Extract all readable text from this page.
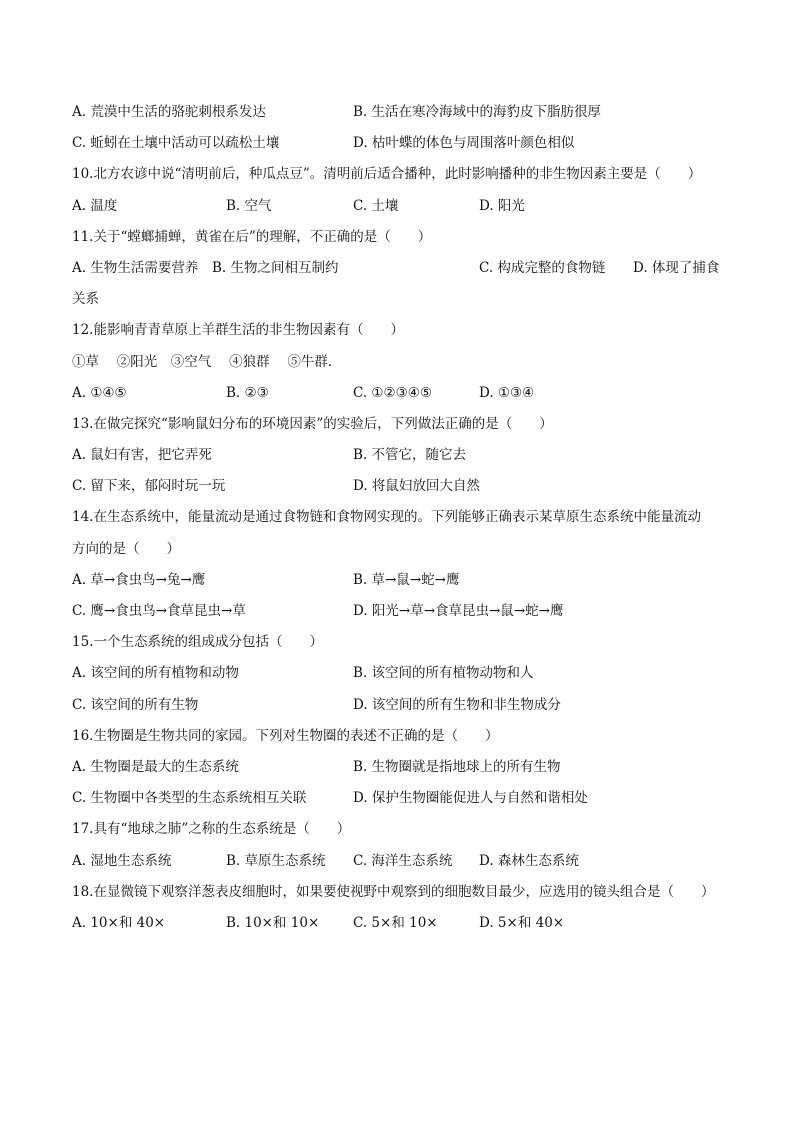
A. 荒漠中生活的骆驼刺根系发达	B. 生活在寒冷海域中的海豹皮下脂肪很厚
C. 蚯蚓在土壤中活动可以疏松土壤	D. 枯叶蝶的体色与周围落叶颜色相似
10.北方农谚中说“清明前后，种瓜点豆”。清明前后适合播种，此时影响播种的非生物因素主要是（　　）
A. 温度	B. 空气	C. 土壤	D. 阳光
11.关于“螳螂捕蝉，黄雀在后”的理解，不正确的是（　　）
A. 生物生活需要营养 B. 生物之间相互制约	C. 构成完整的食物链 D. 体现了捕食
关系
12.能影响青青草原上羊群生活的非生物因素有（　　）
①草　 ②阳光　③空气　 ④狼群　 ⑤牛群．
A. ①④⑤	B. ②③	C. ①②③④⑤	D. ①③④
13.在做完探究“影响鼠妇分布的环境因素”的实验后，下列做法正确的是（　　）
A. 鼠妇有害，把它弄死	B. 不管它，随它去
C. 留下来，郁闷时玩一玩	D. 将鼠妇放回大自然
14.在生态系统中，能量流动是通过食物链和食物网实现的。下列能够正确表示某草原生态系统中能量流动
方向的是（　　）
A. 草→食虫鸟→兔→鹰	B. 草→鼠→蛇→鹰
C. 鹰→食虫鸟→食草昆虫→草	D. 阳光→草→食草昆虫→鼠→蛇→鹰
15.一个生态系统的组成成分包括（　　）
A. 该空间的所有植物和动物	B. 该空间的所有植物动物和人
C. 该空间的所有生物	D. 该空间的所有生物和非生物成分
16.生物圈是生物共同的家园。下列对生物圈的表述不正确的是（　　）
A. 生物圈是最大的生态系统	B. 生物圈就是指地球上的所有生物
C. 生物圈中各类型的生态系统相互关联	D. 保护生物圈能促进人与自然和谐相处
17.具有“地球之肺”之称的生态系统是（　　）
A. 湿地生态系统	B. 草原生态系统 C. 海洋生态系统 D. 森林生态系统
18.在显微镜下观察洋葱表皮细胞时，如果要使视野中观察到的细胞数目最少，应选用的镜头组合是（　　）
A. 10×和 40×	B. 10×和 10× C. 5×和 10×	D. 5×和 40×
